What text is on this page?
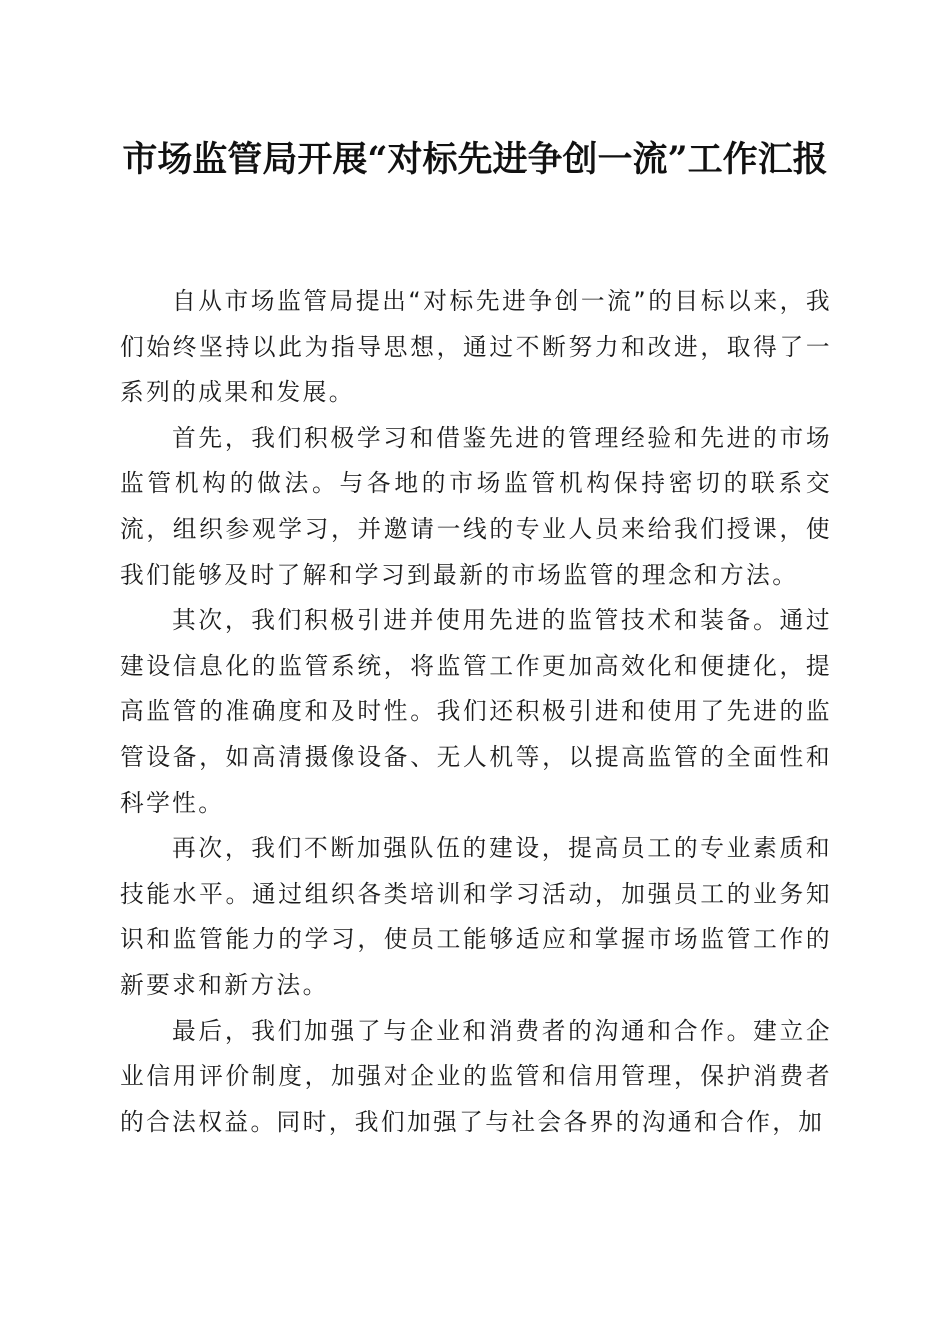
市场监管局开展“对标先进争创一流”工作汇报

自从市场监管局提出“对标先进争创一流”的目标以来，我们始终坚持以此为指导思想，通过不断努力和改进，取得了一系列的成果和发展。

首先，我们积极学习和借鉴先进的管理经验和先进的市场监管机构的做法。与各地的市场监管机构保持密切的联系交流，组织参观学习，并邀请一线的专业人员来给我们授课，使我们能够及时了解和学习到最新的市场监管的理念和方法。

其次，我们积极引进并使用先进的监管技术和装备。通过建设信息化的监管系统，将监管工作更加高效化和便捷化，提高监管的准确度和及时性。我们还积极引进和使用了先进的监管设备，如高清摄像设备、无人机等，以提高监管的全面性和科学性。

再次，我们不断加强队伍的建设，提高员工的专业素质和技能水平。通过组织各类培训和学习活动，加强员工的业务知识和监管能力的学习，使员工能够适应和掌握市场监管工作的新要求和新方法。

最后，我们加强了与企业和消费者的沟通和合作。建立企业信用评价制度，加强对企业的监管和信用管理，保护消费者的合法权益。同时，我们加强了与社会各界的沟通和合作，加
